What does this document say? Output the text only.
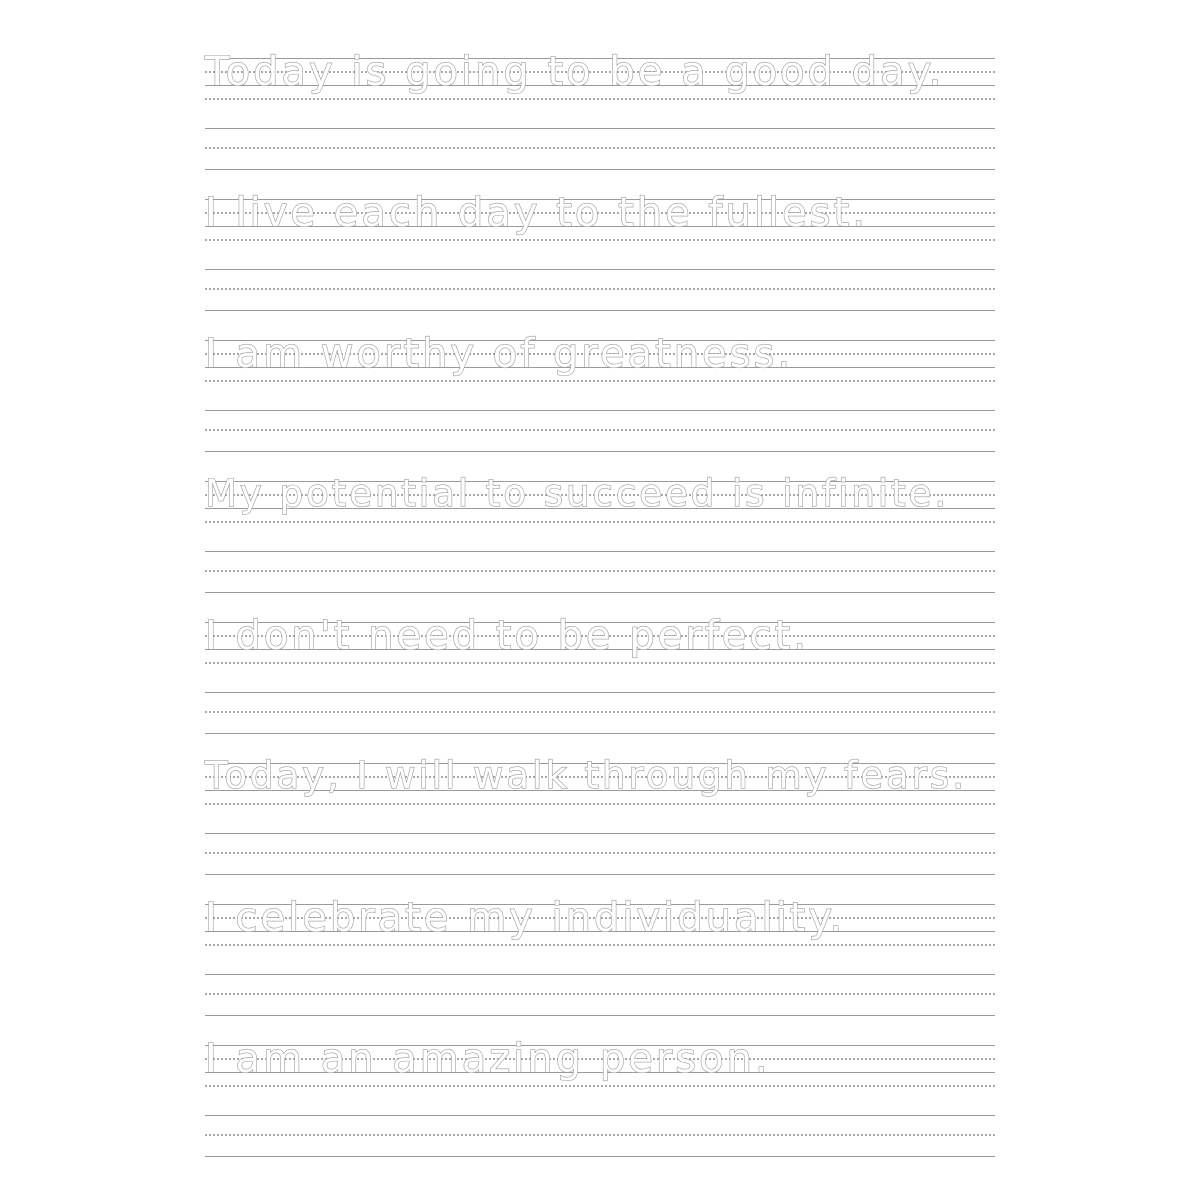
Today is going to be a good day.
I live each day to the fullest.
I am worthy of greatness.
My potential to succeed is infinite.
I don't need to be perfect.
Today, I will walk through my fears.
I celebrate my individuality.
I am an amazing person.
